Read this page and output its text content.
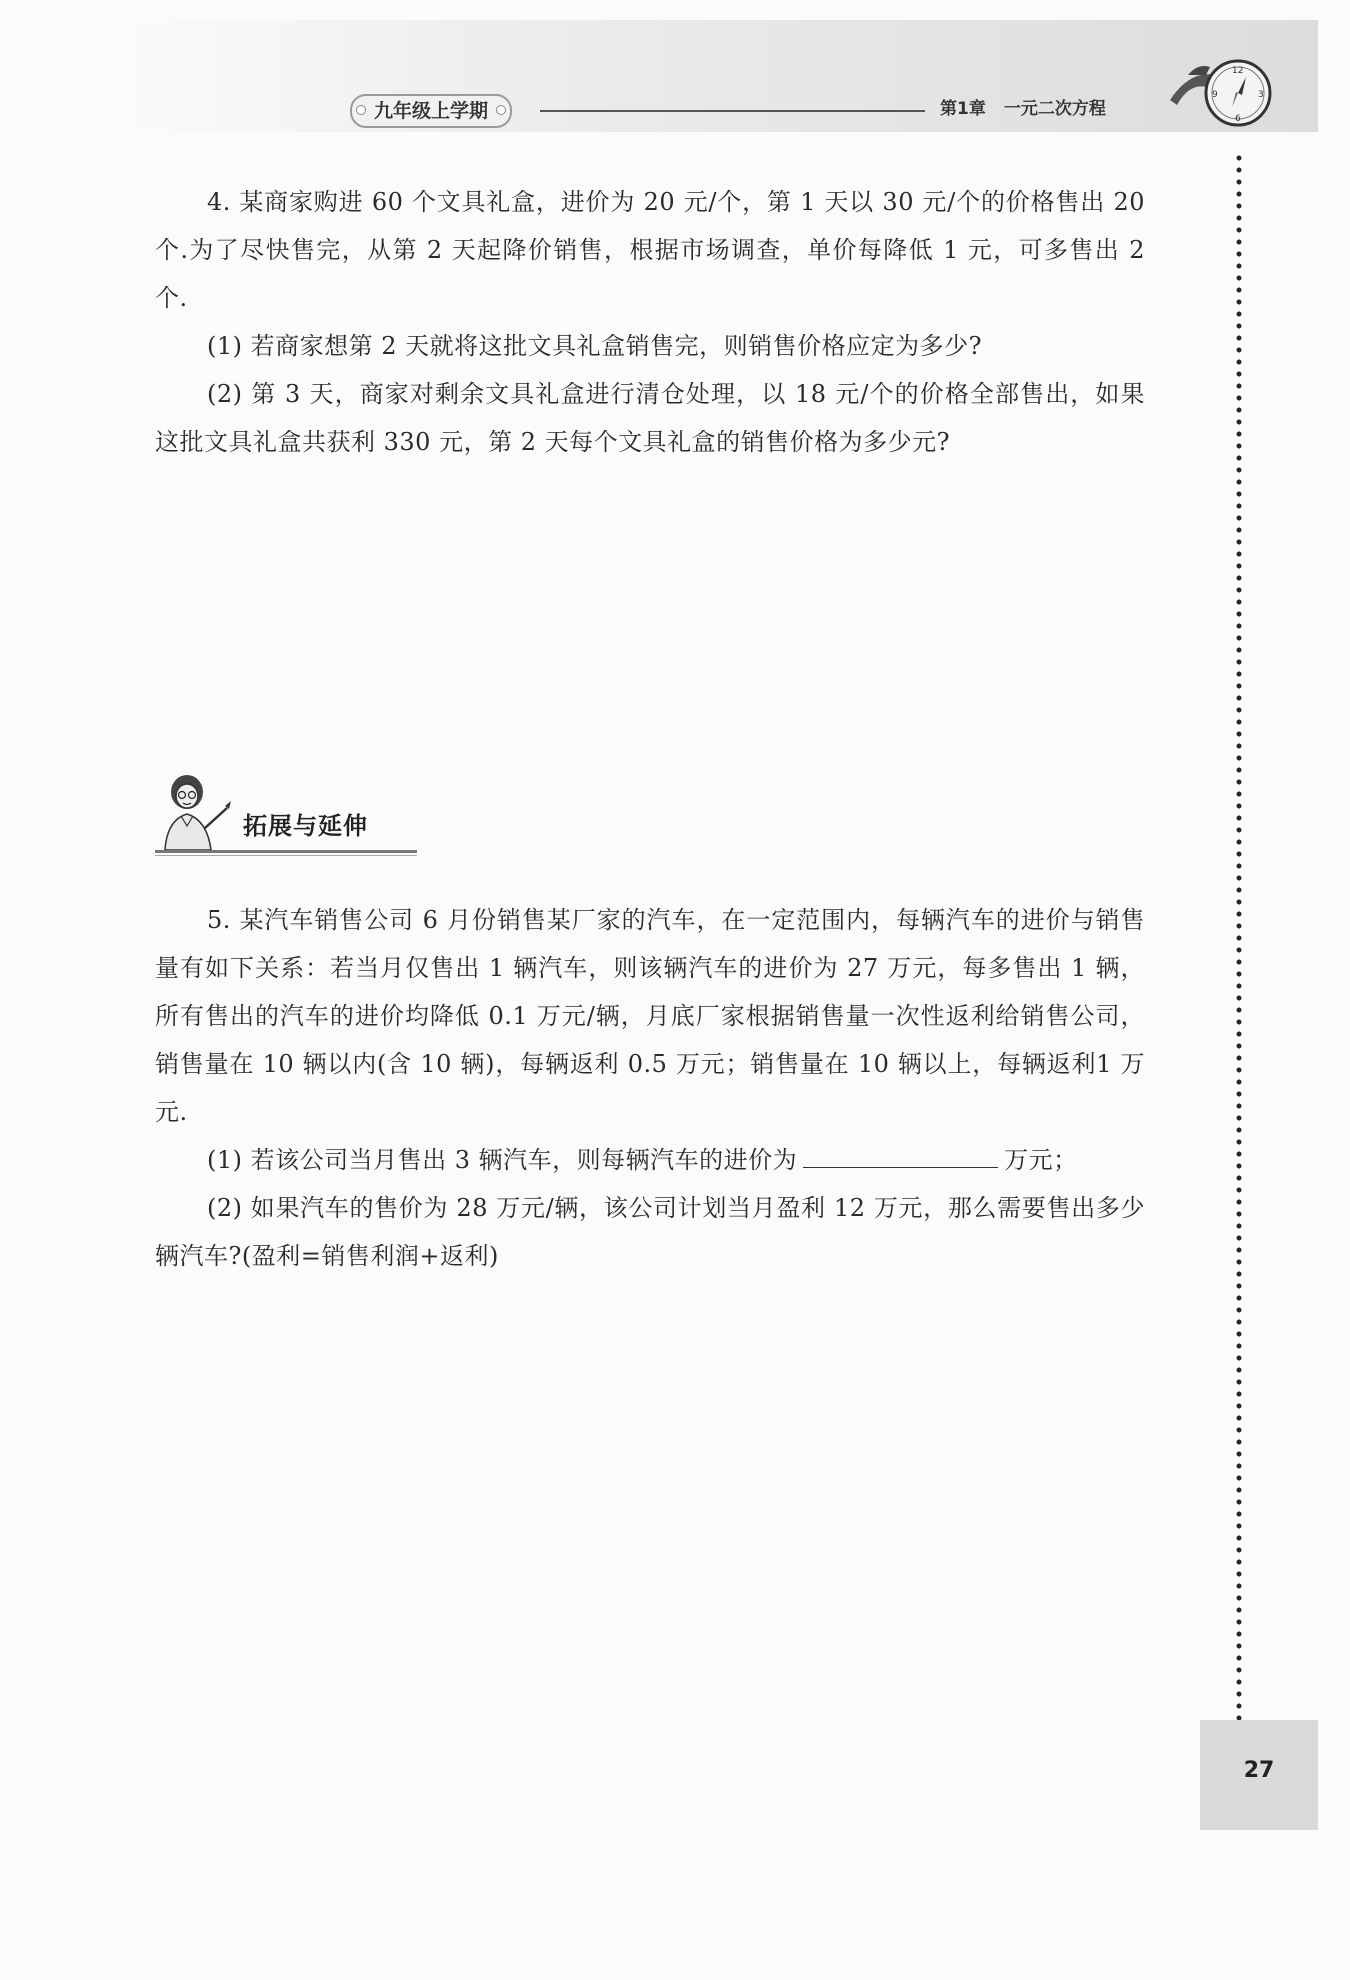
九年级上学期	第1章 一元二次方程
12
3
6
9

4. 某商家购进 60 个文具礼盒，进价为 20 元/个，第 1 天以 30 元/个的价格售出 20 个.为了尽快售完，从第 2 天起降价销售，根据市场调查，单价每降低 1 元，可多售出 2 个.

(1) 若商家想第 2 天就将这批文具礼盒销售完，则销售价格应定为多少?

(2) 第 3 天，商家对剩余文具礼盒进行清仓处理，以 18 元/个的价格全部售出，如果这批文具礼盒共获利 330 元，第 2 天每个文具礼盒的销售价格为多少元?

拓展与延伸

5. 某汽车销售公司 6 月份销售某厂家的汽车，在一定范围内，每辆汽车的进价与销售量有如下关系：若当月仅售出 1 辆汽车，则该辆汽车的进价为 27 万元，每多售出 1 辆，所有售出的汽车的进价均降低 0.1 万元/辆，月底厂家根据销售量一次性返利给销售公司，销售量在 10 辆以内(含 10 辆)，每辆返利 0.5 万元；销售量在 10 辆以上，每辆返利1 万元.

(1) 若该公司当月售出 3 辆汽车，则每辆汽车的进价为	万元；

(2) 如果汽车的售价为 28 万元/辆，该公司计划当月盈利 12 万元，那么需要售出多少辆汽车?(盈利=销售利润+返利)

27
